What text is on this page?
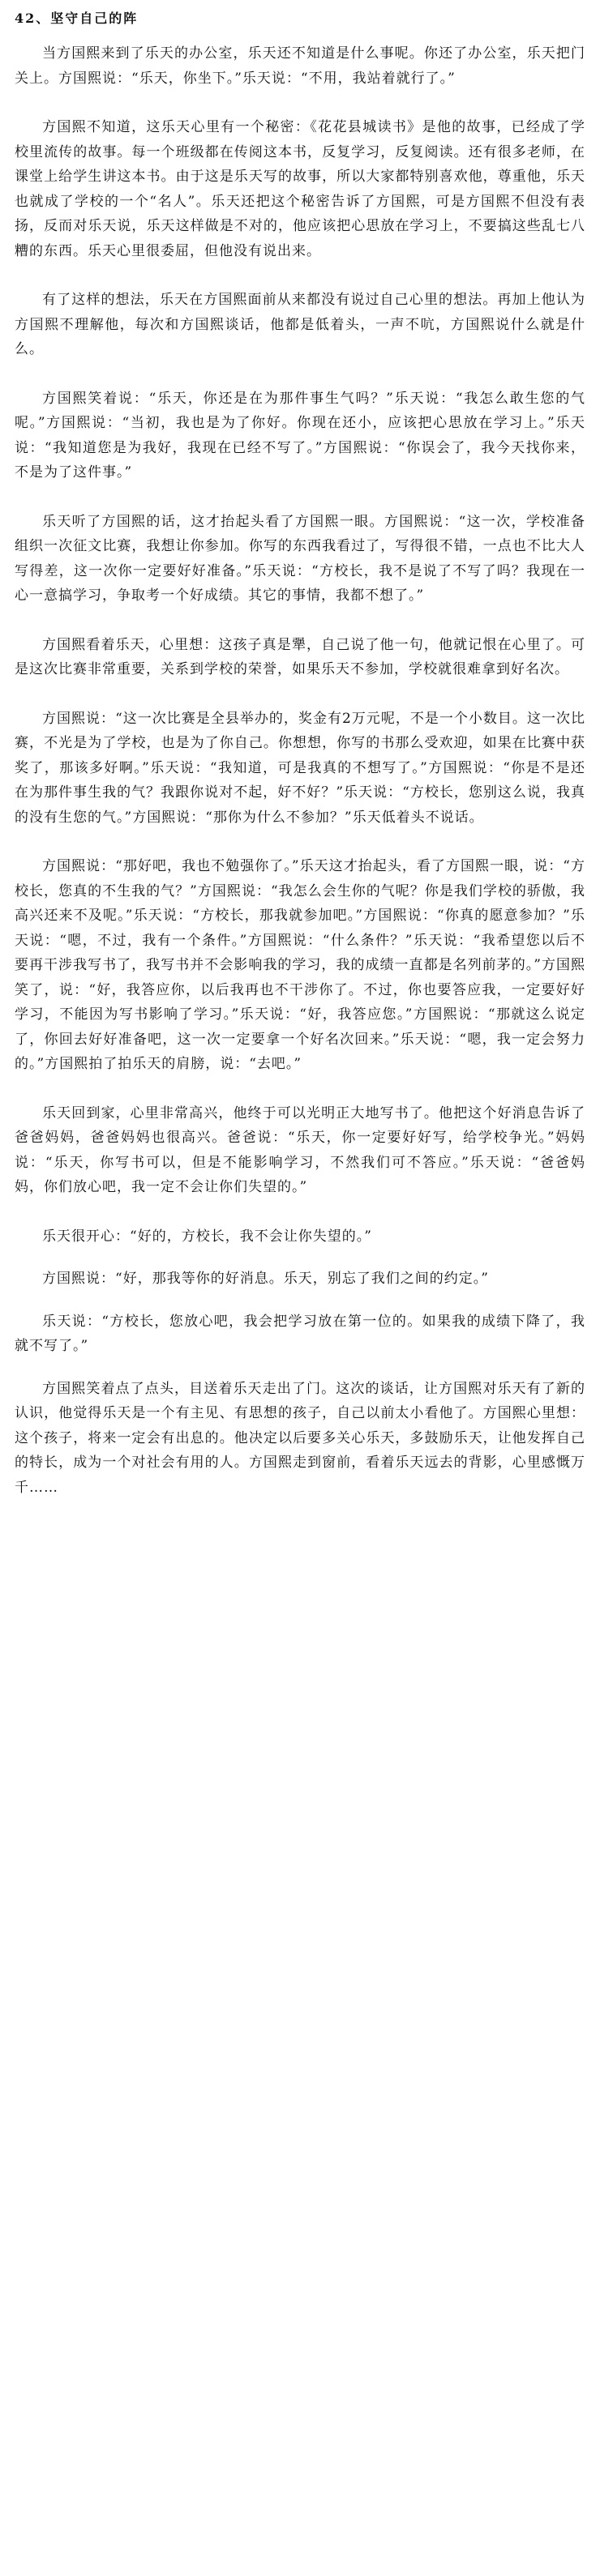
42、坚守自己的阵

当方国熙来到了乐天的办公室，乐天还不知道是什么事呢。你还了办公室，乐天把门关上。方国熙说：“乐天，你坐下。”乐天说：“不用，我站着就行了。”

方国熙不知道，这乐天心里有一个秘密：《花花县城读书》是他的故事，已经成了学校里流传的故事。每一个班级都在传阅这本书，反复学习，反复阅读。还有很多老师，在课堂上给学生讲这本书。由于这是乐天写的故事，所以大家都特别喜欢他，尊重他，乐天也就成了学校的一个“名人”。乐天还把这个秘密告诉了方国熙，可是方国熙不但没有表扬，反而对乐天说，乐天这样做是不对的，他应该把心思放在学习上，不要搞这些乱七八糟的东西。乐天心里很委屈，但他没有说出来。

有了这样的想法，乐天在方国熙面前从来都没有说过自己心里的想法。再加上他认为方国熙不理解他，每次和方国熙谈话，他都是低着头，一声不吭，方国熙说什么就是什么。

方国熙笑着说：“乐天，你还是在为那件事生气吗？”乐天说：“我怎么敢生您的气呢。”方国熙说：“当初，我也是为了你好。你现在还小，应该把心思放在学习上。”乐天说：“我知道您是为我好，我现在已经不写了。”方国熙说：“你误会了，我今天找你来，不是为了这件事。”

乐天听了方国熙的话，这才抬起头看了方国熙一眼。方国熙说：“这一次，学校准备组织一次征文比赛，我想让你参加。你写的东西我看过了，写得很不错，一点也不比大人写得差，这一次你一定要好好准备。”乐天说：“方校长，我不是说了不写了吗？我现在一心一意搞学习，争取考一个好成绩。其它的事情，我都不想了。”

方国熙看着乐天，心里想：这孩子真是犟，自己说了他一句，他就记恨在心里了。可是这次比赛非常重要，关系到学校的荣誉，如果乐天不参加，学校就很难拿到好名次。

方国熙说：“这一次比赛是全县举办的，奖金有2万元呢，不是一个小数目。这一次比赛，不光是为了学校，也是为了你自己。你想想，你写的书那么受欢迎，如果在比赛中获奖了，那该多好啊。”乐天说：“我知道，可是我真的不想写了。”方国熙说：“你是不是还在为那件事生我的气？我跟你说对不起，好不好？”乐天说：“方校长，您别这么说，我真的没有生您的气。”方国熙说：“那你为什么不参加？”乐天低着头不说话。

方国熙说：“那好吧，我也不勉强你了。”乐天这才抬起头，看了方国熙一眼，说：“方校长，您真的不生我的气？”方国熙说：“我怎么会生你的气呢？你是我们学校的骄傲，我高兴还来不及呢。”乐天说：“方校长，那我就参加吧。”方国熙说：“你真的愿意参加？”乐天说：“嗯，不过，我有一个条件。”方国熙说：“什么条件？”乐天说：“我希望您以后不要再干涉我写书了，我写书并不会影响我的学习，我的成绩一直都是名列前茅的。”方国熙笑了，说：“好，我答应你，以后我再也不干涉你了。不过，你也要答应我，一定要好好学习，不能因为写书影响了学习。”乐天说：“好，我答应您。”方国熙说：“那就这么说定了，你回去好好准备吧，这一次一定要拿一个好名次回来。”乐天说：“嗯，我一定会努力的。”方国熙拍了拍乐天的肩膀，说：“去吧。”

乐天回到家，心里非常高兴，他终于可以光明正大地写书了。他把这个好消息告诉了爸爸妈妈，爸爸妈妈也很高兴。爸爸说：“乐天，你一定要好好写，给学校争光。”妈妈说：“乐天，你写书可以，但是不能影响学习，不然我们可不答应。”乐天说：“爸爸妈妈，你们放心吧，我一定不会让你们失望的。”

乐天很开心：“好的，方校长，我不会让你失望的。”

方国熙说：“好，那我等你的好消息。乐天，别忘了我们之间的约定。”

乐天说：“方校长，您放心吧，我会把学习放在第一位的。如果我的成绩下降了，我就不写了。”

方国熙笑着点了点头，目送着乐天走出了门。这次的谈话，让方国熙对乐天有了新的认识，他觉得乐天是一个有主见、有思想的孩子，自己以前太小看他了。方国熙心里想：这个孩子，将来一定会有出息的。他决定以后要多关心乐天，多鼓励乐天，让他发挥自己的特长，成为一个对社会有用的人。方国熙走到窗前，看着乐天远去的背影，心里感慨万千……
